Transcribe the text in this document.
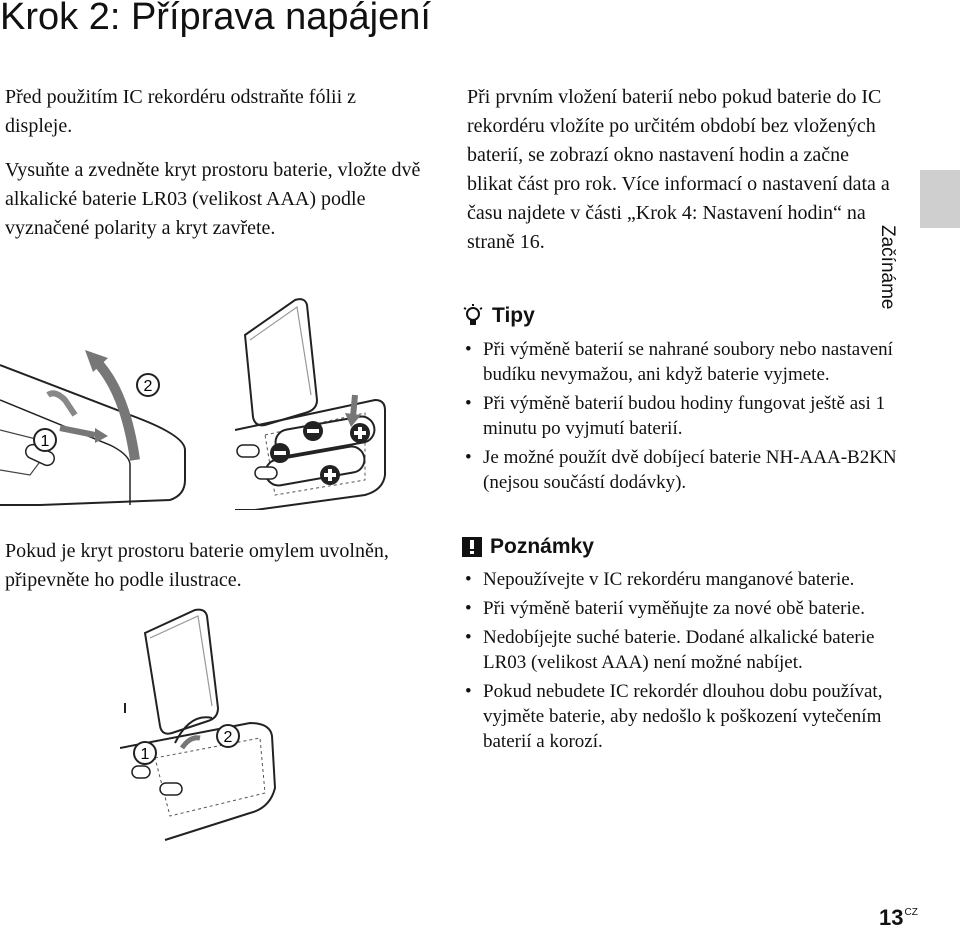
Krok 2: Příprava napájení

Před použitím IC rekordéru odstraňte fólii z displeje.

Vysuňte a zvedněte kryt prostoru baterie, vložte dvě alkalické baterie LR03 (velikost AAA) podle vyznačené polarity a kryt zavřete.

Pokud je kryt prostoru baterie omylem uvolněn, připevněte ho podle ilustrace.

1
2
1
2

Při prvním vložení baterií nebo pokud baterie do IC rekordéru vložíte po určitém období bez vložených baterií, se zobrazí okno nastavení hodin a začne blikat část pro rok. Více informací o nastavení data a času najdete v části „Krok 4: Nastavení hodin“ na straně 16.

Tipy
• Při výměně baterií se nahrané soubory nebo nastavení budíku nevymažou, ani když baterie vyjmete.
• Při výměně baterií budou hodiny fungovat ještě asi 1 minutu po vyjmutí baterií.
• Je možné použít dvě dobíjecí baterie NH-AAA-B2KN (nejsou součástí dodávky).
Poznámky
• Nepoužívejte v IC rekordéru manganové baterie.
• Při výměně baterií vyměňujte za nové obě baterie.
• Nedobíjejte suché baterie. Dodané alkalické baterie LR03 (velikost AAA) není možné nabíjet.
• Pokud nebudete IC rekordér dlouhou dobu používat, vyjměte baterie, aby nedošlo k poškození vytečením baterií a korozí.
Začínáme
$13^{CZ}$
